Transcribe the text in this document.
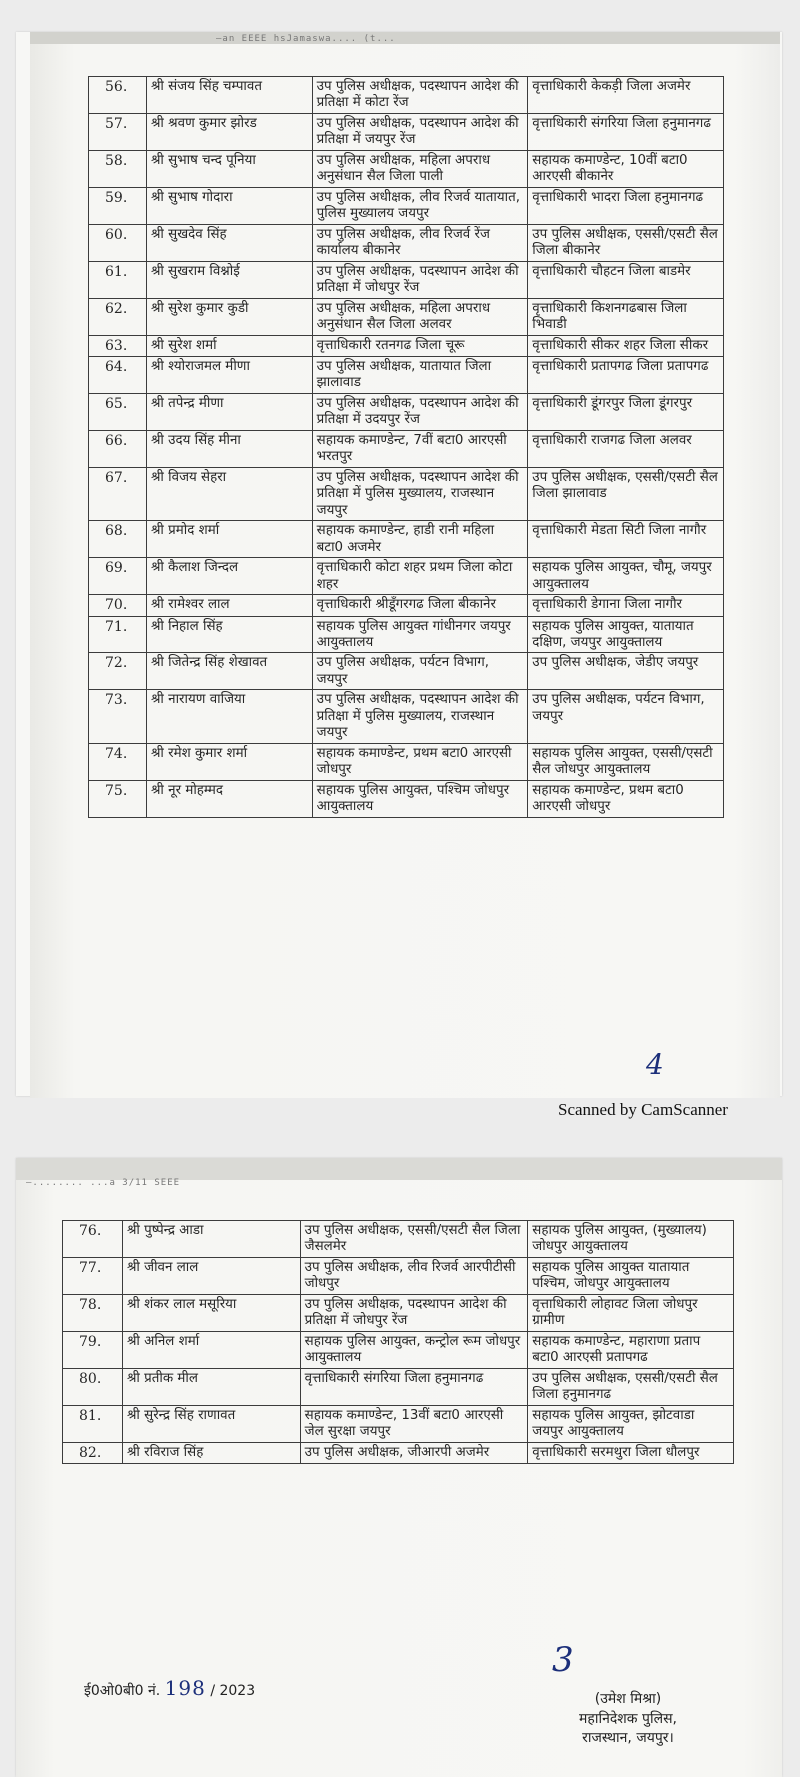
—an EEEE hsJamaswa.... (t...
56.	श्री संजय सिंह चम्पावत	उप पुलिस अधीक्षक, पदस्थापन आदेश की प्रतिक्षा में कोटा रेंज	वृत्ताधिकारी केकड़ी जिला अजमेर
57.	श्री श्रवण कुमार झोरड	उप पुलिस अधीक्षक, पदस्थापन आदेश की प्रतिक्षा में जयपुर रेंज	वृत्ताधिकारी संगरिया जिला हनुमानगढ
58.	श्री सुभाष चन्द पूनिया	उप पुलिस अधीक्षक, महिला अपराध अनुसंधान सैल जिला पाली	सहायक कमाण्डेन्ट, 10वीं बटा0 आरएसी बीकानेर
59.	श्री सुभाष गोदारा	उप पुलिस अधीक्षक, लीव रिजर्व यातायात, पुलिस मुख्यालय जयपुर	वृत्ताधिकारी भादरा जिला हनुमानगढ
60.	श्री सुखदेव सिंह	उप पुलिस अधीक्षक, लीव रिजर्व रेंज कार्यालय बीकानेर	उप पुलिस अधीक्षक, एससी/एसटी सैल जिला बीकानेर
61.	श्री सुखराम विश्नोई	उप पुलिस अधीक्षक, पदस्थापन आदेश की प्रतिक्षा में जोधपुर रेंज	वृत्ताधिकारी चौहटन जिला बाडमेर
62.	श्री सुरेश कुमार कुडी	उप पुलिस अधीक्षक, महिला अपराध अनुसंधान सैल जिला अलवर	वृत्ताधिकारी किशनगढबास जिला भिवाडी
63.	श्री सुरेश शर्मा	वृत्ताधिकारी रतनगढ जिला चूरू	वृत्ताधिकारी सीकर शहर जिला सीकर
64.	श्री श्योराजमल मीणा	उप पुलिस अधीक्षक, यातायात जिला झालावाड	वृत्ताधिकारी प्रतापगढ जिला प्रतापगढ
65.	श्री तपेन्द्र मीणा	उप पुलिस अधीक्षक, पदस्थापन आदेश की प्रतिक्षा में उदयपुर रेंज	वृत्ताधिकारी डूंगरपुर जिला डूंगरपुर
66.	श्री उदय सिंह मीना	सहायक कमाण्डेन्ट, 7वीं बटा0 आरएसी भरतपुर	वृत्ताधिकारी राजगढ जिला अलवर
67.	श्री विजय सेहरा	उप पुलिस अधीक्षक, पदस्थापन आदेश की प्रतिक्षा में पुलिस मुख्यालय, राजस्थान जयपुर	उप पुलिस अधीक्षक, एससी/एसटी सैल जिला झालावाड
68.	श्री प्रमोद शर्मा	सहायक कमाण्डेन्ट, हाडी रानी महिला बटा0 अजमेर	वृत्ताधिकारी मेडता सिटी जिला नागौर
69.	श्री कैलाश जिन्दल	वृत्ताधिकारी कोटा शहर प्रथम जिला कोटा शहर	सहायक पुलिस आयुक्त, चौमू, जयपुर आयुक्तालय
70.	श्री रामेश्वर लाल	वृत्ताधिकारी श्रीडूँगरगढ जिला बीकानेर	वृत्ताधिकारी डेगाना जिला नागौर
71.	श्री निहाल सिंह	सहायक पुलिस आयुक्त गांधीनगर जयपुर आयुक्तालय	सहायक पुलिस आयुक्त, यातायात दक्षिण, जयपुर आयुक्तालय
72.	श्री जितेन्द्र सिंह शेखावत	उप पुलिस अधीक्षक, पर्यटन विभाग, जयपुर	उप पुलिस अधीक्षक, जेडीए जयपुर
73.	श्री नारायण वाजिया	उप पुलिस अधीक्षक, पदस्थापन आदेश की प्रतिक्षा में पुलिस मुख्यालय, राजस्थान जयपुर	उप पुलिस अधीक्षक, पर्यटन विभाग, जयपुर
74.	श्री रमेश कुमार शर्मा	सहायक कमाण्डेन्ट, प्रथम बटा0 आरएसी जोधपुर	सहायक पुलिस आयुक्त, एससी/एसटी सैल जोधपुर आयुक्तालय
75.	श्री नूर मोहम्मद	सहायक पुलिस आयुक्त, पश्चिम जोधपुर आयुक्तालय	सहायक कमाण्डेन्ट, प्रथम बटा0 आरएसी जोधपुर
4
Scanned by CamScanner
—........ ...a 3/11 SEEE
76.	श्री पुष्पेन्द्र आडा	उप पुलिस अधीक्षक, एससी/एसटी सैल जिला जैसलमेर	सहायक पुलिस आयुक्त, (मुख्यालय) जोधपुर आयुक्तालय
77.	श्री जीवन लाल	उप पुलिस अधीक्षक, लीव रिजर्व आरपीटीसी जोधपुर	सहायक पुलिस आयुक्त यातायात पश्चिम, जोधपुर आयुक्तालय
78.	श्री शंकर लाल मसूरिया	उप पुलिस अधीक्षक, पदस्थापन आदेश की प्रतिक्षा में जोधपुर रेंज	वृत्ताधिकारी लोहावट जिला जोधपुर ग्रामीण
79.	श्री अनिल शर्मा	सहायक पुलिस आयुक्त, कन्ट्रोल रूम जोधपुर आयुक्तालय	सहायक कमाण्डेन्ट, महाराणा प्रताप बटा0 आरएसी प्रतापगढ
80.	श्री प्रतीक मील	वृत्ताधिकारी संगरिया जिला हनुमानगढ	उप पुलिस अधीक्षक, एससी/एसटी सैल जिला हनुमानगढ
81.	श्री सुरेन्द्र सिंह राणावत	सहायक कमाण्डेन्ट, 13वीं बटा0 आरएसी जेल सुरक्षा जयपुर	सहायक पुलिस आयुक्त, झोटवाडा जयपुर आयुक्तालय
82.	श्री रविराज सिंह	उप पुलिस अधीक्षक, जीआरपी अजमेर	वृत्ताधिकारी सरमथुरा जिला धौलपुर
ई0ओ0बी0 नं. 198 / 2023
3
(उमेश मिश्रा)
महानिदेशक पुलिस,
राजस्थान, जयपुर।
